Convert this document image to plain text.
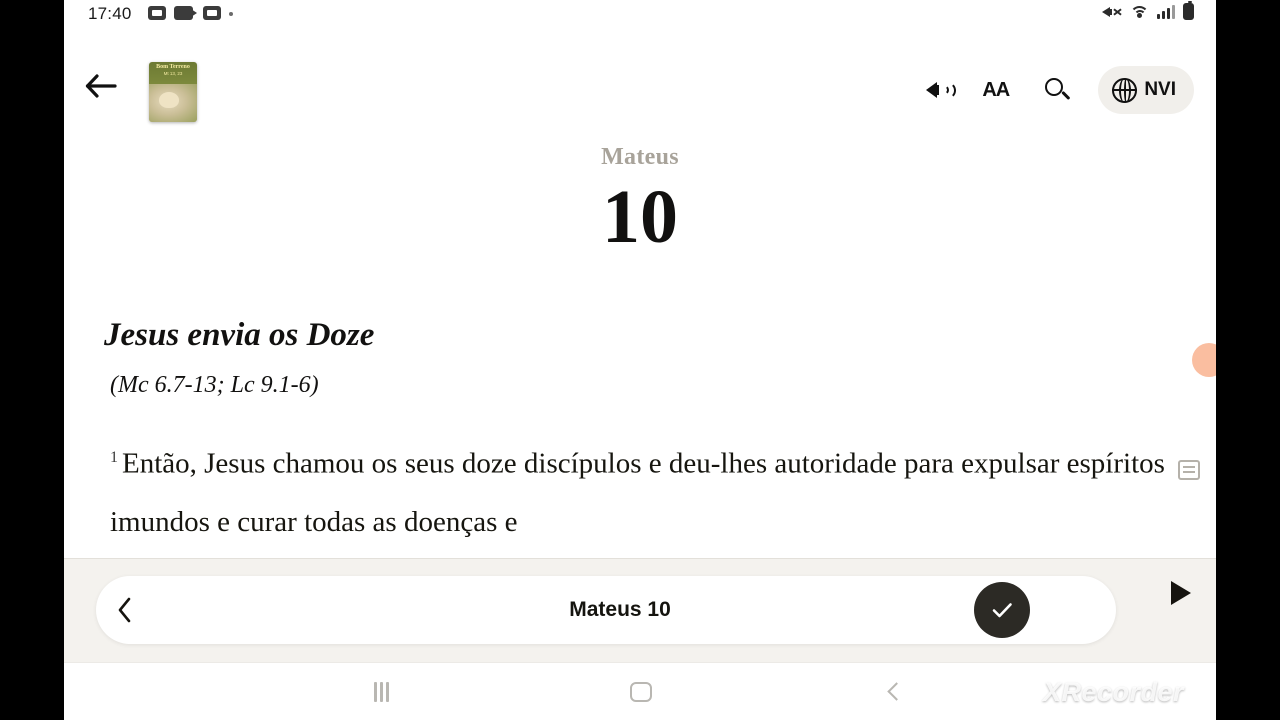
17:40
Bom Terreno
Mt 13, 23
AA	NVI
Mateus
10
Jesus envia os Doze
(Mc 6.7-13; Lc 9.1-6)
$^1$ Então, Jesus chamou os seus doze discípulos e deu-lhes autoridade para expulsar espíritos imundos e curar todas as doenças e
Mateus 10
XRecorder
